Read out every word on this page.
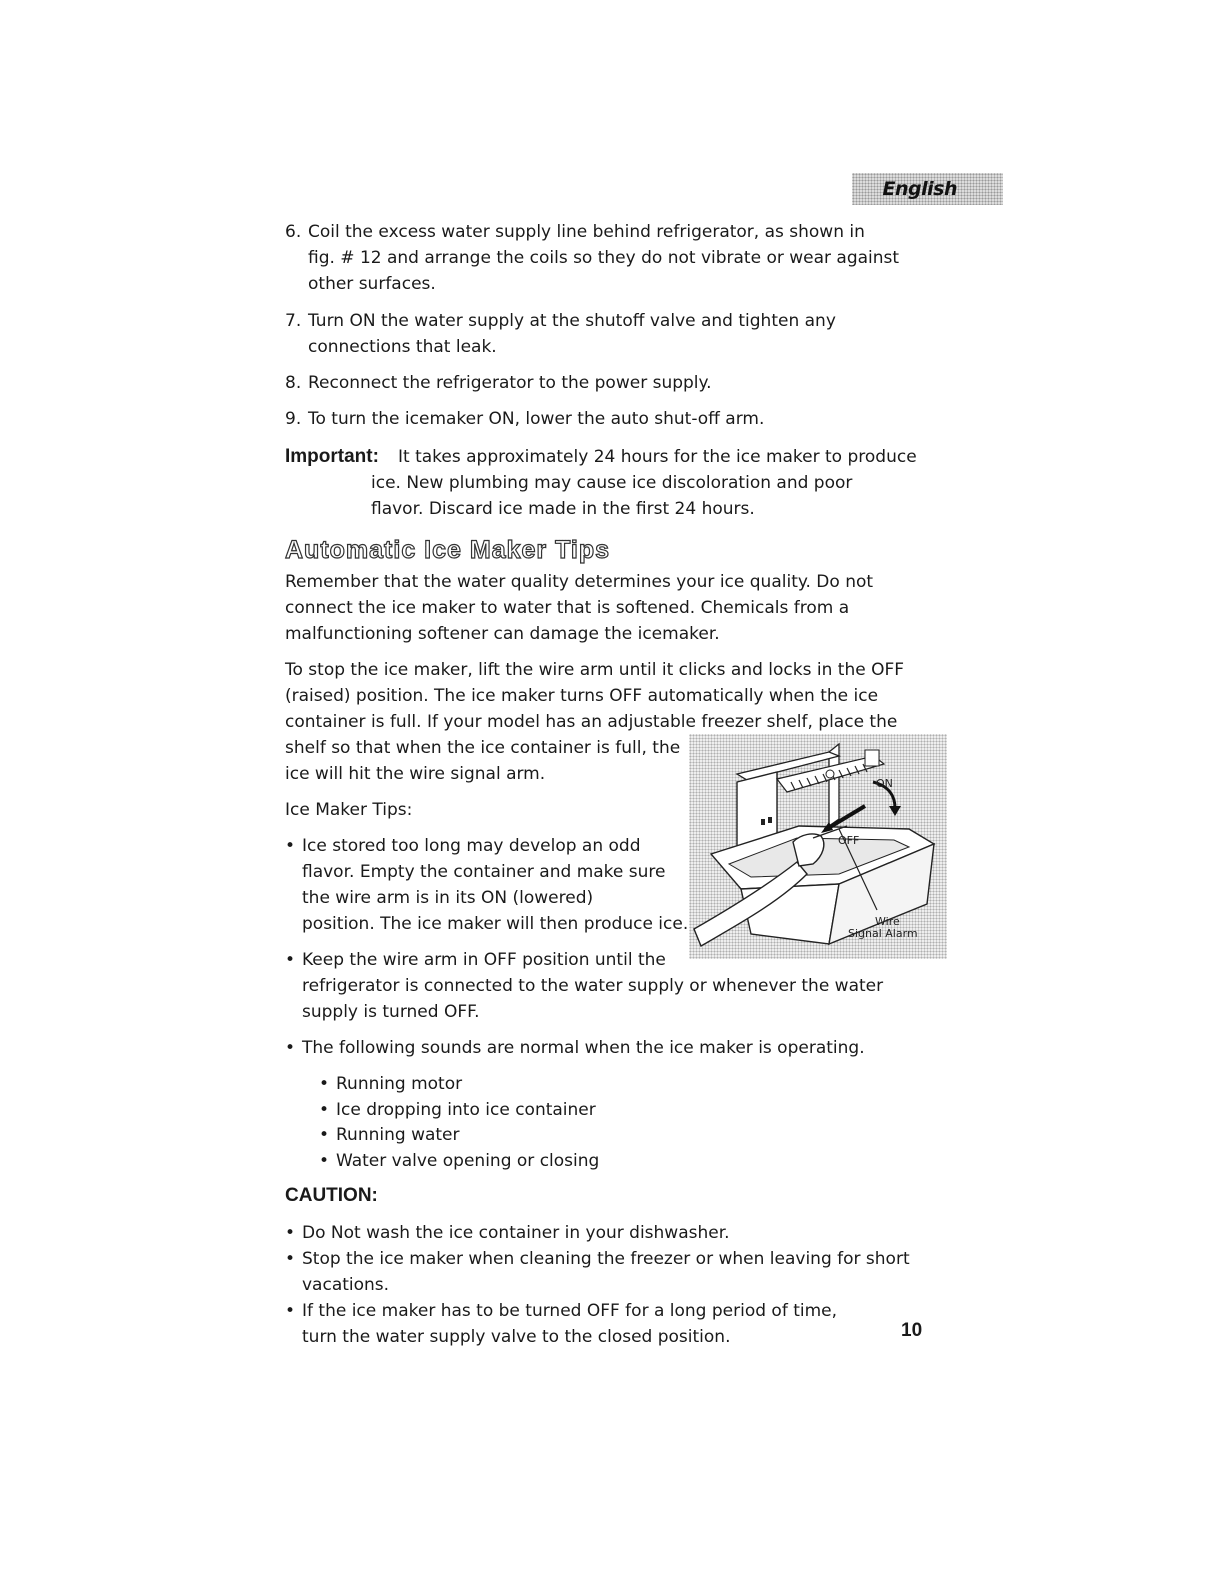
English
6. Coil the excess water supply line behind refrigerator, as shown in
fig. # 12 and arrange the coils so they do not vibrate or wear against
other surfaces.
7. Turn ON the water supply at the shutoff valve and tighten any
connections that leak.
8. Reconnect the refrigerator to the power supply.
9. To turn the icemaker ON, lower the auto shut-off arm.
Important: It takes approximately 24 hours for the ice maker to produce
ice. New plumbing may cause ice discoloration and poor
flavor. Discard ice made in the first 24 hours.
Automatic Ice Maker Tips
Remember that the water quality determines your ice quality. Do not
connect the ice maker to water that is softened. Chemicals from a
malfunctioning softener can damage the icemaker.
To stop the ice maker, lift the wire arm until it clicks and locks in the OFF
(raised) position. The ice maker turns OFF automatically when the ice
container is full. If your model has an adjustable freezer shelf, place the
shelf so that when the ice container is full, the
ice will hit the wire signal arm.
Ice Maker Tips:
• Ice stored too long may develop an odd
flavor. Empty the container and make sure
the wire arm is in its ON (lowered)
position. The ice maker will then produce ice.
ON
OFF
Wire
Signal Alarm
• Keep the wire arm in OFF position until the
refrigerator is connected to the water supply or whenever the water
supply is turned OFF.
• The following sounds are normal when the ice maker is operating.
• Running motor
• Ice dropping into ice container
• Running water
• Water valve opening or closing
CAUTION:
• Do Not wash the ice container in your dishwasher.
• Stop the ice maker when cleaning the freezer or when leaving for short
vacations.
• If the ice maker has to be turned OFF for a long period of time,
turn the water supply valve to the closed position.	10
